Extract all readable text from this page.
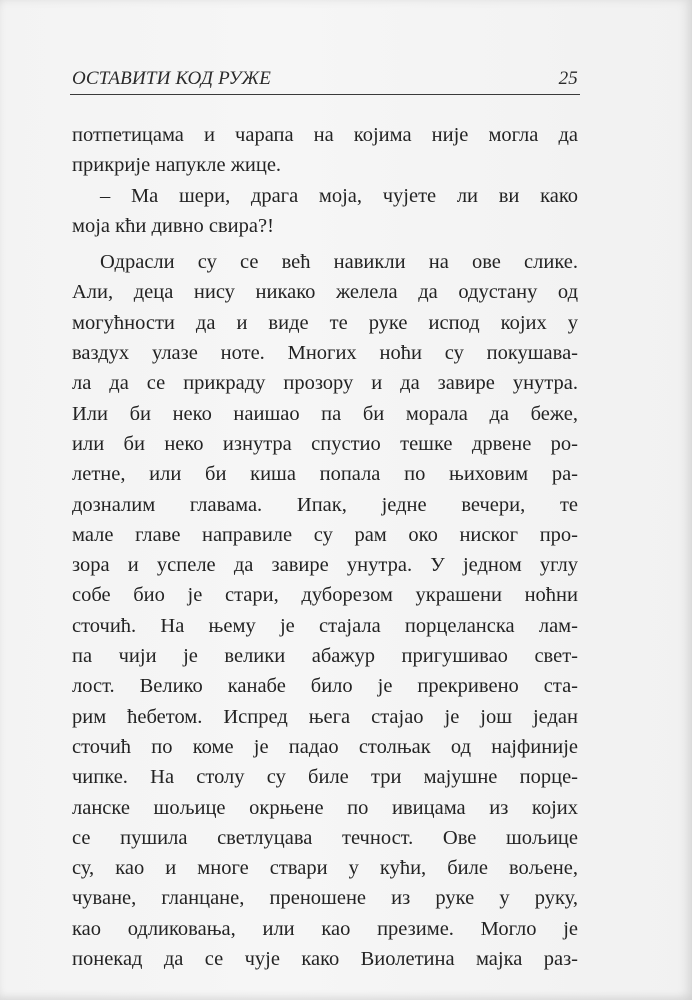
ОСТАВИТИ КОД РУЖЕ	25

потпетицама и чарапа на којима није могла да
прикрије напукле жице.

– Ма шери, драга моја, чујете ли ви како
моја кћи дивно свира?!

Одрасли су се већ навикли на ове слике.
Али, деца нису никако желела да одустану од
могућности да и виде те руке испод којих у
ваздух улазе ноте. Многих ноћи су покушава-
ла да се прикраду прозору и да завире унутра.
Или би неко наишао па би морала да беже,
или би неко изнутра спустио тешке дрвене ро-
летне, или би киша попала по њиховим ра-
дозналим главама. Ипак, једне вечери, те
мале главе направиле су рам око ниског про-
зора и успеле да завире унутра. У једном углу
собе био је стари, дуборезом украшени ноћни
сточић. На њему је стајала порцеланска лам-
па чији је велики абажур пригушивао свет-
лост. Велико канабе било је прекривено ста-
рим ћебетом. Испред њега стајао је још један
сточић по коме је падао столњак од најфиније
чипке. На столу су биле три мајушне порце-
ланске шољице окрњене по ивицама из којих
се пушила светлуцава течност. Ове шољице
су, као и многе ствари у кући, биле вољене,
чуване, гланцане, преношене из руке у руку,
као одликовања, или као презиме. Могло је
понекад да се чује како Виолетина мајка раз-
